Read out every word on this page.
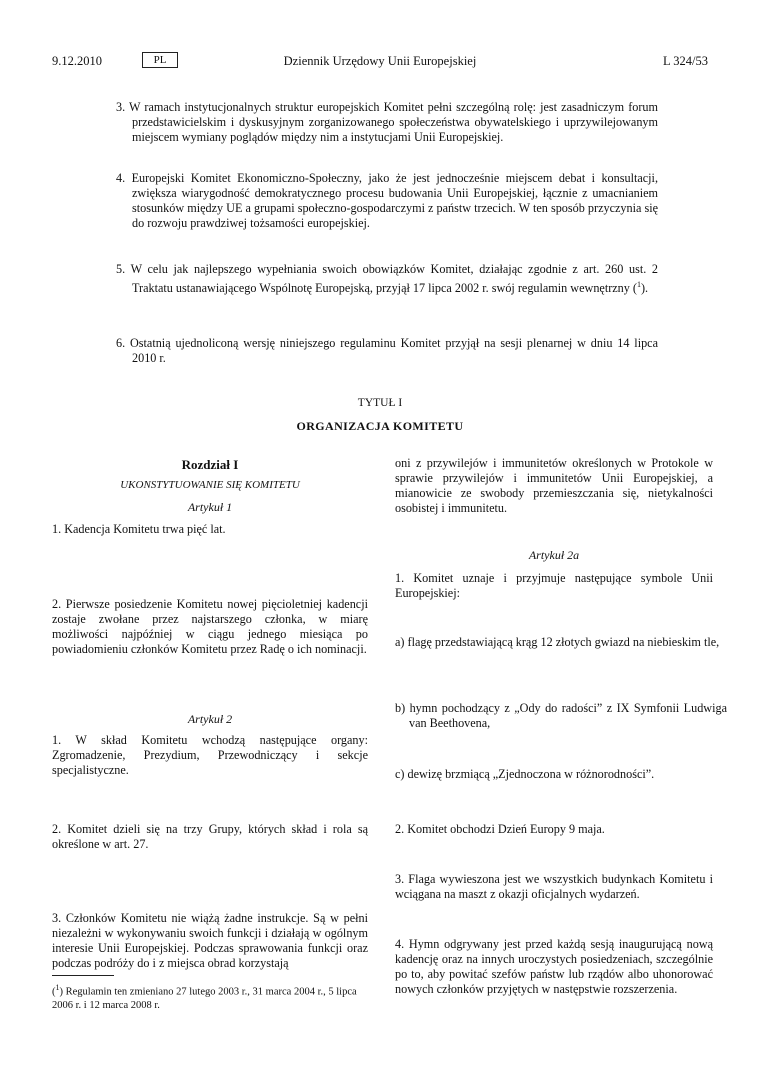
9.12.2010	PL	Dziennik Urzędowy Unii Europejskiej	L 324/53
3. W ramach instytucjonalnych struktur europejskich Komitet pełni szczególną rolę: jest zasadniczym forum przedstawicielskim i dyskusyjnym zorganizowanego społeczeństwa obywatelskiego i uprzywilejowanym miejscem wymiany poglądów między nim a instytucjami Unii Europejskiej.
4. Europejski Komitet Ekonomiczno-Społeczny, jako że jest jednocześnie miejscem debat i konsultacji, zwiększa wiarygodność demokratycznego procesu budowania Unii Europejskiej, łącznie z umacnianiem stosunków między UE a grupami społeczno-gospodarczymi z państw trzecich. W ten sposób przyczynia się do rozwoju prawdziwej tożsamości europejskiej.
5. W celu jak najlepszego wypełniania swoich obowiązków Komitet, działając zgodnie z art. 260 ust. 2 Traktatu ustanawiającego Wspólnotę Europejską, przyjął 17 lipca 2002 r. swój regulamin wewnętrzny ($^1$).
6. Ostatnią ujednoliconą wersję niniejszego regulaminu Komitet przyjął na sesji plenarnej w dniu 14 lipca 2010 r.
TYTUŁ I
ORGANIZACJA KOMITETU
Rozdział I
UKONSTYTUOWANIE SIĘ KOMITETU
Artykuł 1
1. Kadencja Komitetu trwa pięć lat.
2. Pierwsze posiedzenie Komitetu nowej pięcioletniej kadencji zostaje zwołane przez najstarszego członka, w miarę możliwości najpóźniej w ciągu jednego miesiąca po powiadomieniu członków Komitetu przez Radę o ich nominacji.
Artykuł 2
1. W skład Komitetu wchodzą następujące organy: Zgromadzenie, Prezydium, Przewodniczący i sekcje specjalistyczne.
2. Komitet dzieli się na trzy Grupy, których skład i rola są określone w art. 27.
3. Członków Komitetu nie wiążą żadne instrukcje. Są w pełni niezależni w wykonywaniu swoich funkcji i działają w ogólnym interesie Unii Europejskiej. Podczas sprawowania funkcji oraz podczas podróży do i z miejsca obrad korzystają
($^1$) Regulamin ten zmieniano 27 lutego 2003 r., 31 marca 2004 r., 5 lipca 2006 r. i 12 marca 2008 r.
oni z przywilejów i immunitetów określonych w Protokole w sprawie przywilejów i immunitetów Unii Europejskiej, a mianowicie ze swobody przemieszczania się, nietykalności osobistej i immunitetu.
Artykuł 2a
1. Komitet uznaje i przyjmuje następujące symbole Unii Europejskiej:
a) flagę przedstawiającą krąg 12 złotych gwiazd na niebieskim tle,
b) hymn pochodzący z „Ody do radości” z IX Symfonii Ludwiga van Beethovena,
c) dewizę brzmiącą „Zjednoczona w różnorodności”.
2. Komitet obchodzi Dzień Europy 9 maja.
3. Flaga wywieszona jest we wszystkich budynkach Komitetu i wciągana na maszt z okazji oficjalnych wydarzeń.
4. Hymn odgrywany jest przed każdą sesją inaugurującą nową kadencję oraz na innych uroczystych posiedzeniach, szczególnie po to, aby powitać szefów państw lub rządów albo uhonorować nowych członków przyjętych w następstwie rozszerzenia.
